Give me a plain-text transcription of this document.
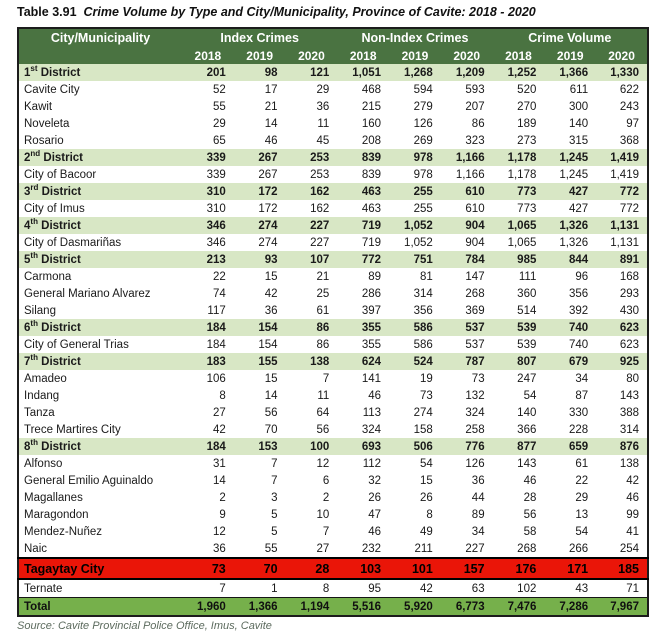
Table 3.91 Crime Volume by Type and City/Municipality, Province of Cavite: 2018 - 2020
City/Municipality	Index Crimes			Non-Index Crimes			Crime Volume		
	2018	2019	2020	2018	2019	2020	2018	2019	2020
1st District	201	98	121	1,051	1,268	1,209	1,252	1,366	1,330
Cavite City	52	17	29	468	594	593	520	611	622
Kawit	55	21	36	215	279	207	270	300	243
Noveleta	29	14	11	160	126	86	189	140	97
Rosario	65	46	45	208	269	323	273	315	368
2nd District	339	267	253	839	978	1,166	1,178	1,245	1,419
City of Bacoor	339	267	253	839	978	1,166	1,178	1,245	1,419
3rd District	310	172	162	463	255	610	773	427	772
City of Imus	310	172	162	463	255	610	773	427	772
4th District	346	274	227	719	1,052	904	1,065	1,326	1,131
City of Dasmariñas	346	274	227	719	1,052	904	1,065	1,326	1,131
5th District	213	93	107	772	751	784	985	844	891
Carmona	22	15	21	89	81	147	111	96	168
General Mariano Alvarez	74	42	25	286	314	268	360	356	293
Silang	117	36	61	397	356	369	514	392	430
6th District	184	154	86	355	586	537	539	740	623
City of General Trias	184	154	86	355	586	537	539	740	623
7th District	183	155	138	624	524	787	807	679	925
Amadeo	106	15	7	141	19	73	247	34	80
Indang	8	14	11	46	73	132	54	87	143
Tanza	27	56	64	113	274	324	140	330	388
Trece Martires City	42	70	56	324	158	258	366	228	314
8th District	184	153	100	693	506	776	877	659	876
Alfonso	31	7	12	112	54	126	143	61	138
General Emilio Aguinaldo	14	7	6	32	15	36	46	22	42
Magallanes	2	3	2	26	26	44	28	29	46
Maragondon	9	5	10	47	8	89	56	13	99
Mendez-Nuñez	12	5	7	46	49	34	58	54	41
Naic	36	55	27	232	211	227	268	266	254
Tagaytay City	73	70	28	103	101	157	176	171	185
Ternate	7	1	8	95	42	63	102	43	71
Total	1,960	1,366	1,194	5,516	5,920	6,773	7,476	7,286	7,967
Source: Cavite Provincial Police Office, Imus, Cavite
